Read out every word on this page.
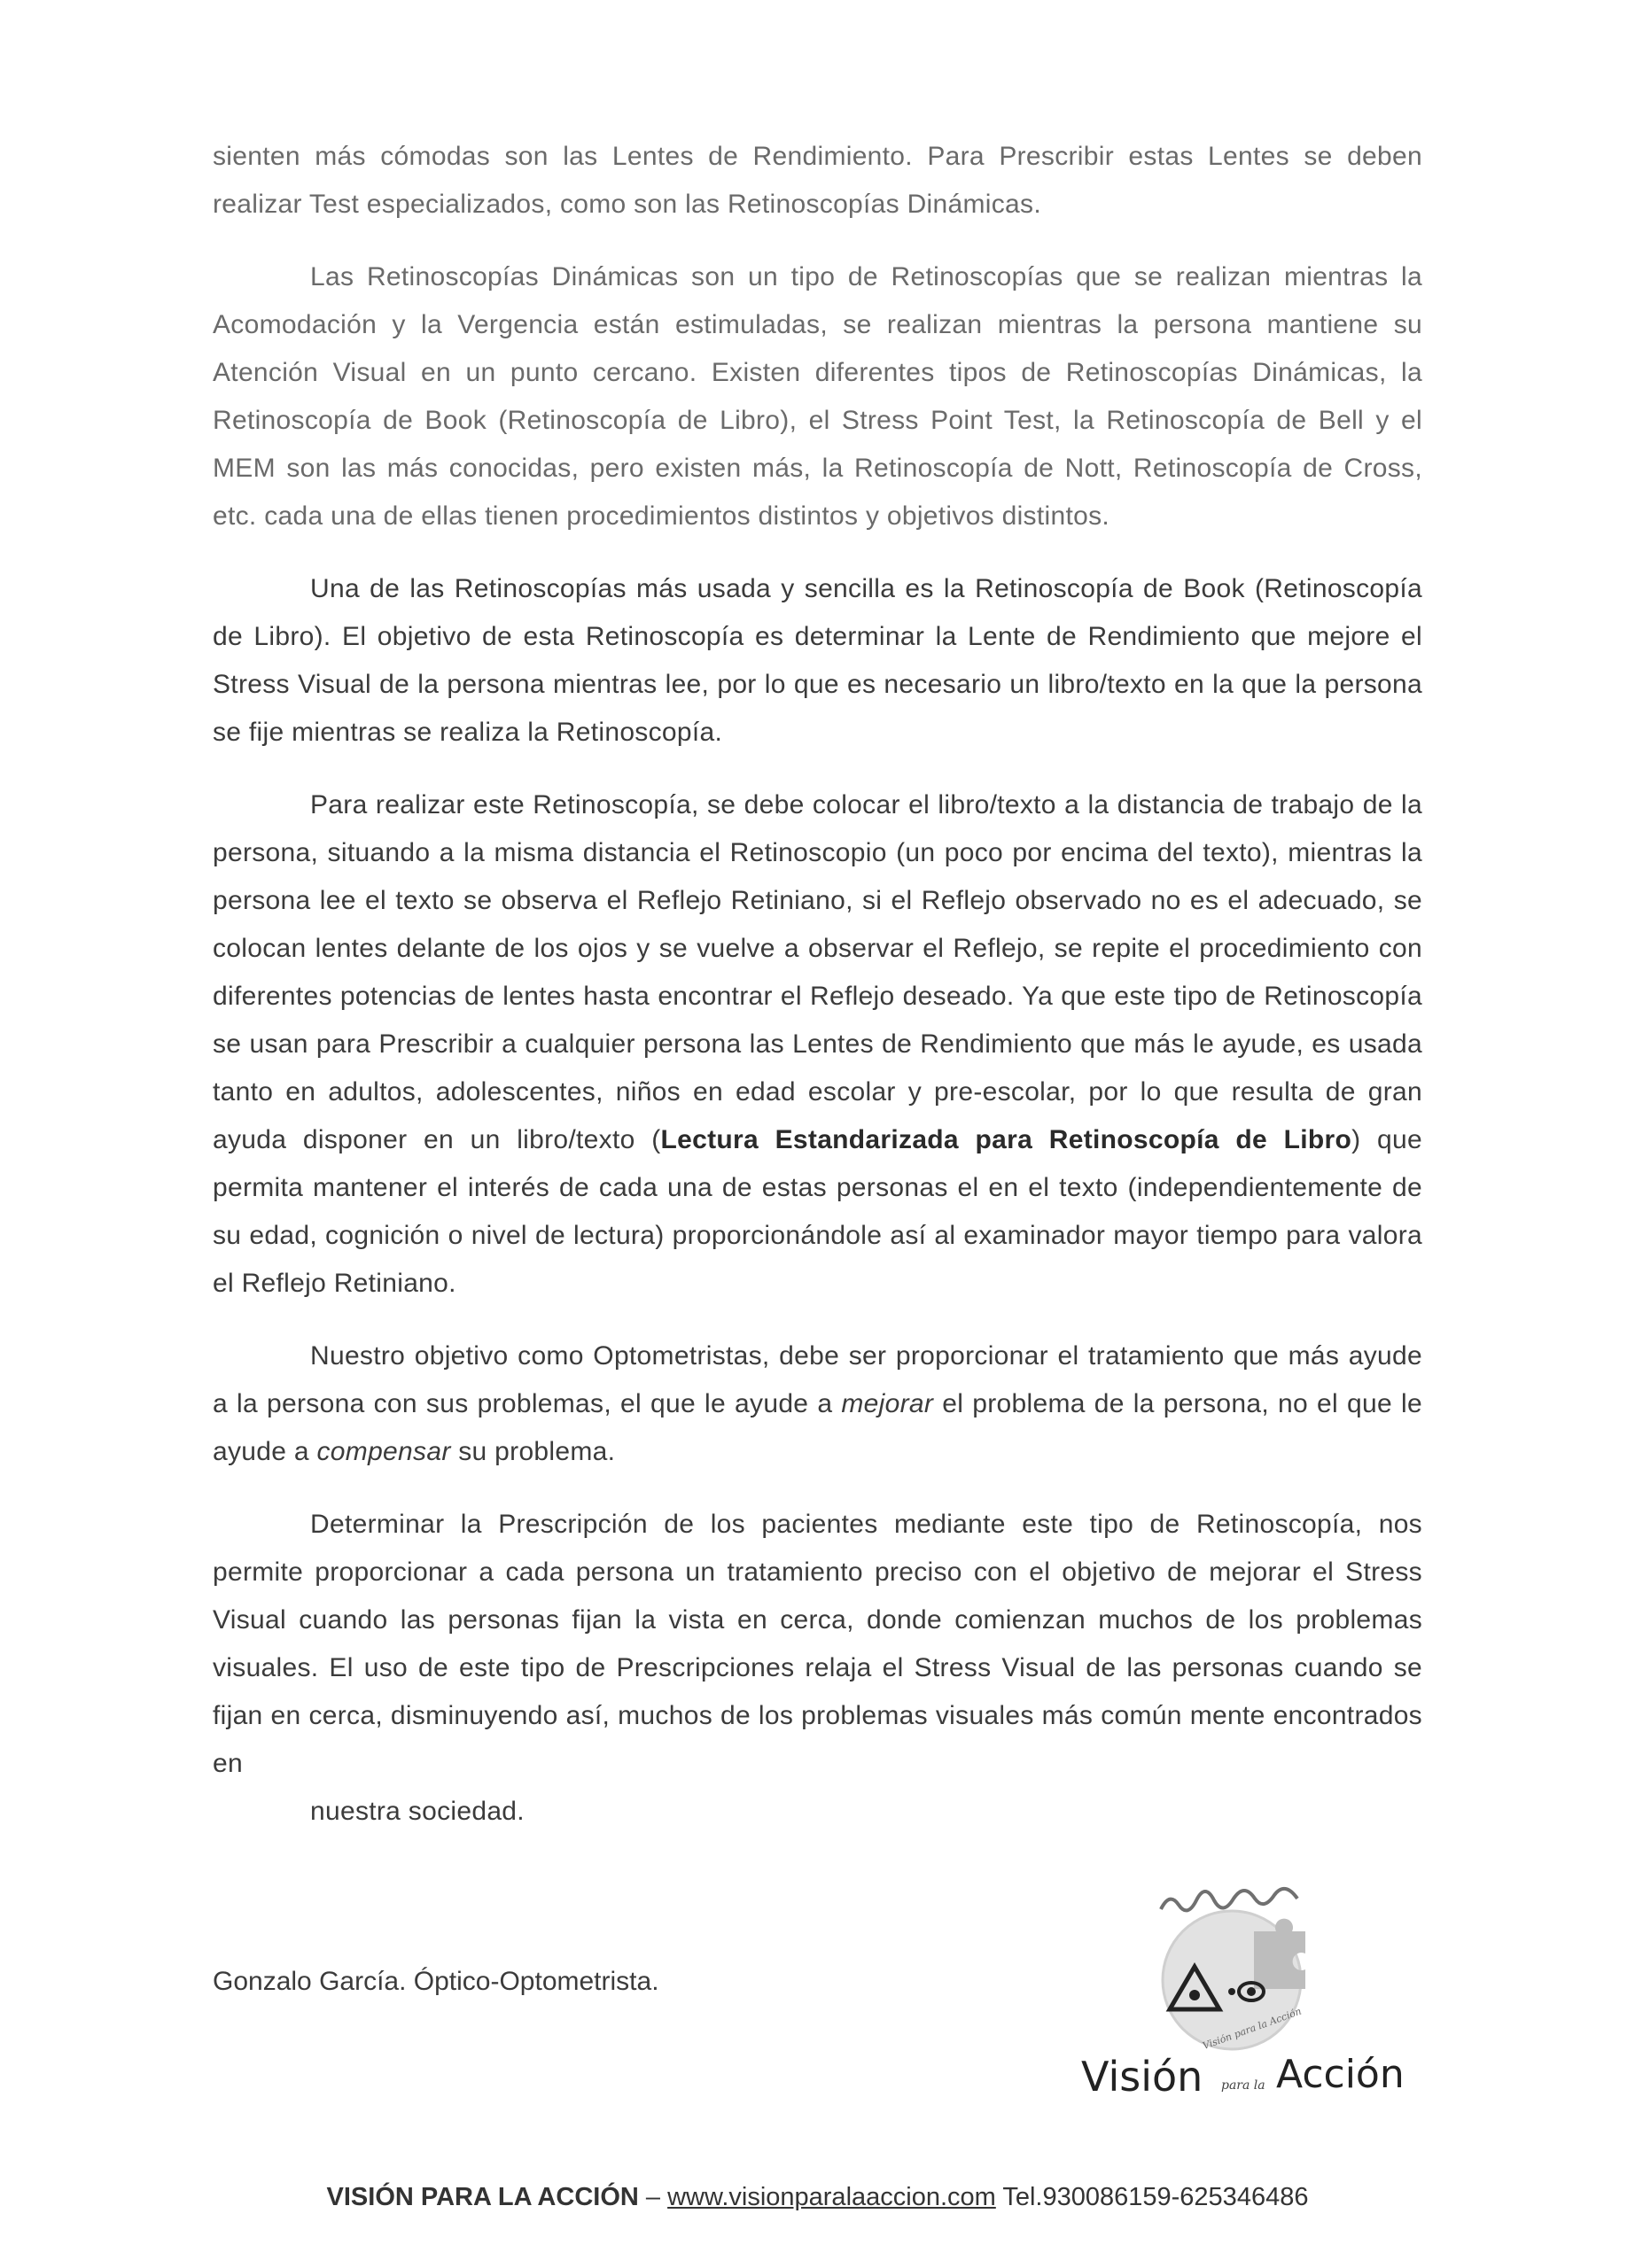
sienten más cómodas son las Lentes de Rendimiento. Para Prescribir estas Lentes se deben realizar Test especializados, como son las Retinoscopías Dinámicas.

Las Retinoscopías Dinámicas son un tipo de Retinoscopías que se realizan mientras la Acomodación y la Vergencia están estimuladas, se realizan mientras la persona mantiene su Atención Visual en un punto cercano. Existen diferentes tipos de Retinoscopías Dinámicas, la Retinoscopía de Book (Retinoscopía de Libro), el Stress Point Test, la Retinoscopía de Bell y el MEM son las más conocidas, pero existen más, la Retinoscopía de Nott, Retinoscopía de Cross, etc. cada una de ellas tienen procedimientos distintos y objetivos distintos.

Una de las Retinoscopías más usada y sencilla es la Retinoscopía de Book (Retinoscopía de Libro). El objetivo de esta Retinoscopía es determinar la Lente de Rendimiento que mejore el Stress Visual de la persona mientras lee, por lo que es necesario un libro/texto en la que la persona se fije mientras se realiza la Retinoscopía.

Para realizar este Retinoscopía, se debe colocar el libro/texto a la distancia de trabajo de la persona, situando a la misma distancia el Retinoscopio (un poco por encima del texto), mientras la persona lee el texto se observa el Reflejo Retiniano, si el Reflejo observado no es el adecuado, se colocan lentes delante de los ojos y se vuelve a observar el Reflejo, se repite el procedimiento con diferentes potencias de lentes hasta encontrar el Reflejo deseado. Ya que este tipo de Retinoscopía se usan para Prescribir a cualquier persona las Lentes de Rendimiento que más le ayude, es usada tanto en adultos, adolescentes, niños en edad escolar y pre-escolar, por lo que resulta de gran ayuda disponer en un libro/texto (Lectura Estandarizada para Retinoscopía de Libro) que permita mantener el interés de cada una de estas personas el en el texto (independientemente de su edad, cognición o nivel de lectura) proporcionándole así al examinador mayor tiempo para valora el Reflejo Retiniano.

Nuestro objetivo como Optometristas, debe ser proporcionar el tratamiento que más ayude a la persona con sus problemas, el que le ayude a mejorar el problema de la persona, no el que le ayude a compensar su problema.

Determinar la Prescripción de los pacientes mediante este tipo de Retinoscopía, nos permite proporcionar a cada persona un tratamiento preciso con el objetivo de mejorar el Stress Visual cuando las personas fijan la vista en cerca, donde comienzan muchos de los problemas visuales. El uso de este tipo de Prescripciones relaja el Stress Visual de las personas cuando se fijan en cerca, disminuyendo así, muchos de los problemas visuales más común mente encontrados en
nuestra sociedad.

Gonzalo García. Óptico-Optometrista.
Visión para la Acción
Visión para la Acción
VISIÓN PARA LA ACCIÓN – www.visionparalaaccion.com Tel.930086159-625346486
